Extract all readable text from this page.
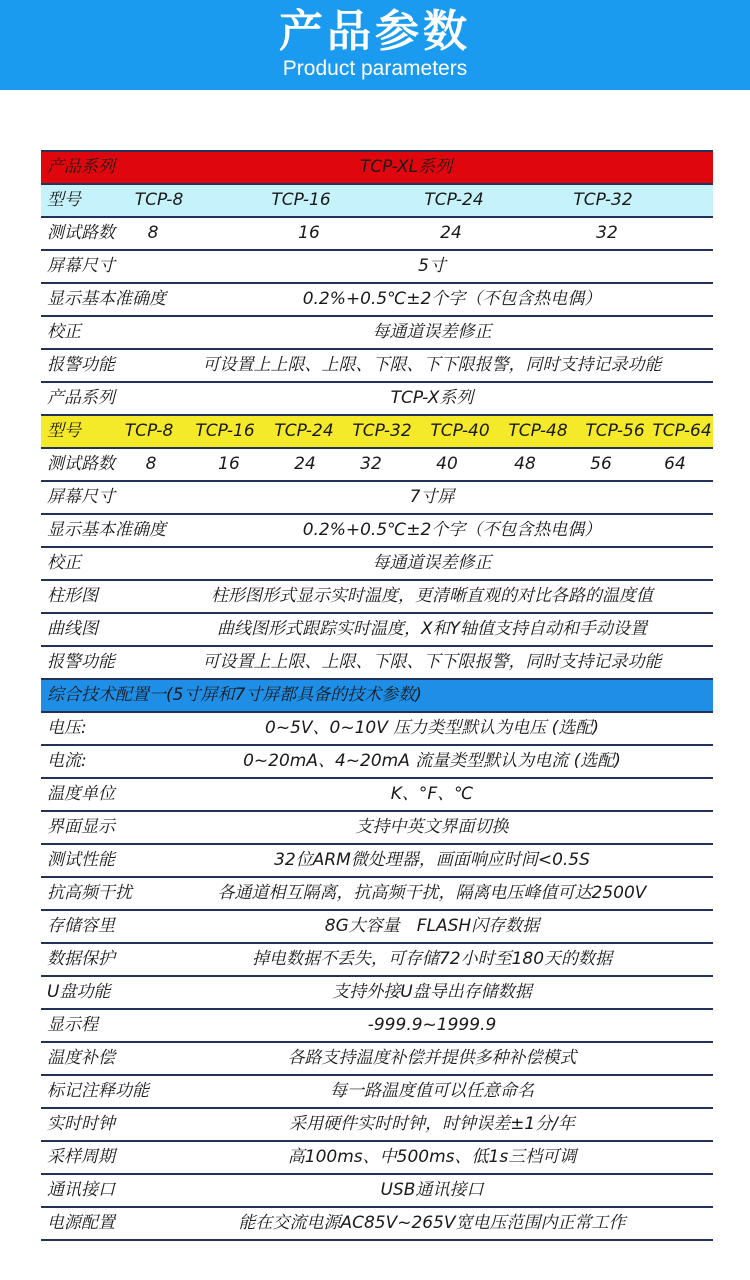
产品参数
Product parameters
产品系列	TCP-XL系列
型号	TCP-8	TCP-16	TCP-24	TCP-32
测试路数	8	16	24	32
屏幕尺寸	5寸
显示基本准确度	0.2%+0.5℃±2个字（不包含热电偶）
校正	每通道误差修正
报警功能	可设置上上限、上限、下限、下下限报警，同时支持记录功能
产品系列	TCP-X系列
型号	TCP-8	TCP-16	TCP-24	TCP-32	TCP-40	TCP-48	TCP-56 TCP-64
测试路数	8	16	24	32	40	48	56	64
屏幕尺寸	7寸屏
显示基本准确度	0.2%+0.5℃±2个字（不包含热电偶）
校正	每通道误差修正
柱形图	柱形图形式显示实时温度，更清晰直观的对比各路的温度值
曲线图	曲线图形式跟踪实时温度，X和Y轴值支持自动和手动设置
报警功能	可设置上上限、上限、下限、下下限报警，同时支持记录功能
综合技术配置一(5寸屏和7寸屏都具备的技术参数)
电压:	0~5V、0~10V 压力类型默认为电压 (选配)
电流:	0~20mA、4~20mA 流量类型默认为电流 (选配)
温度单位	K、°F、℃
界面显示	支持中英文界面切换
测试性能	32位ARM微处理器，画面响应时间<0.5S
抗高频干扰	各通道相互隔离，抗高频干扰，隔离电压峰值可达2500V
存储容里	8G大容量　FLASH闪存数据
数据保护	掉电数据不丢失，可存储72小时至180天的数据
U盘功能	支持外接U盘导出存储数据
显示程	-999.9~1999.9
温度补偿	各路支持温度补偿并提供多种补偿模式
标记注释功能	每一路温度值可以任意命名
实时时钟	采用硬件实时时钟，时钟误差±1分/年
采样周期	高100ms、中500ms、低1s三档可调
通讯接口	USB通讯接口
电源配置	能在交流电源AC85V~265V宽电压范围内正常工作
